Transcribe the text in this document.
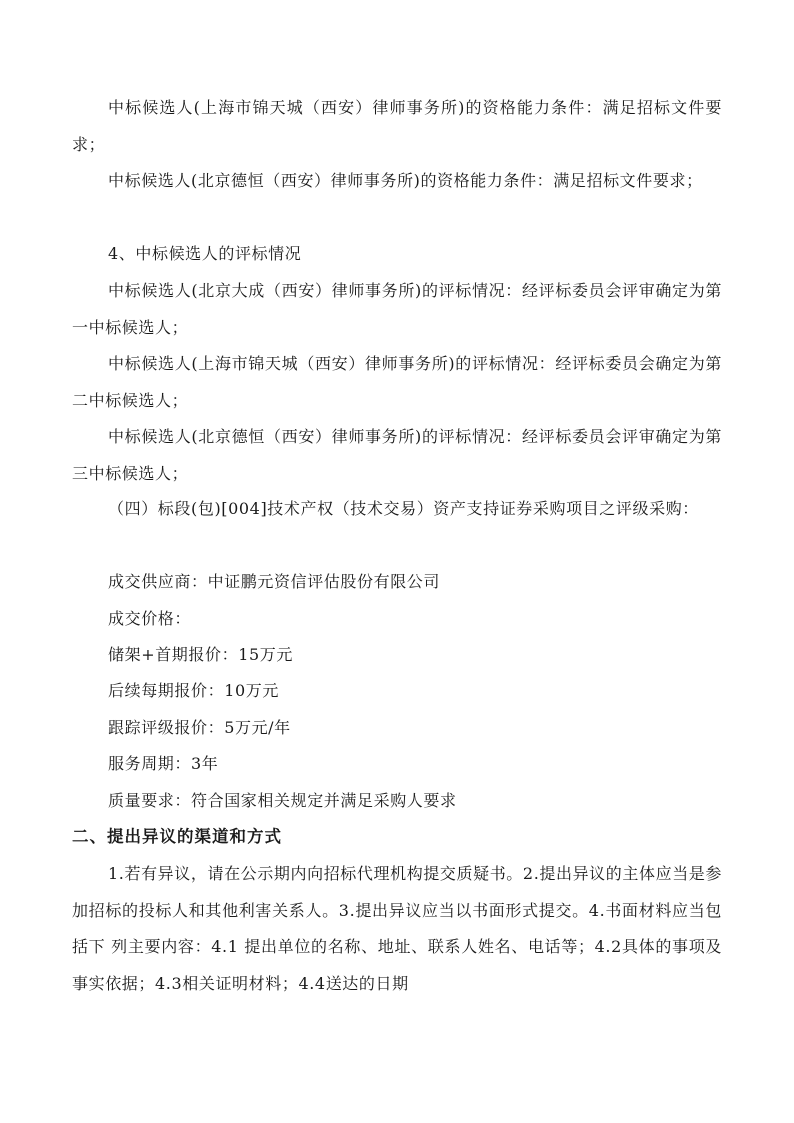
中标候选人(上海市锦天城（西安）律师事务所)的资格能力条件：满足招标文件要求；

中标候选人(北京德恒（西安）律师事务所)的资格能力条件：满足招标文件要求；

4、中标候选人的评标情况

中标候选人(北京大成（西安）律师事务所)的评标情况：经评标委员会评审确定为第一中标候选人；

中标候选人(上海市锦天城（西安）律师事务所)的评标情况：经评标委员会确定为第二中标候选人；

中标候选人(北京德恒（西安）律师事务所)的评标情况：经评标委员会评审确定为第三中标候选人；

（四）标段(包)[004]技术产权（技术交易）资产支持证券采购项目之评级采购：

成交供应商：中证鹏元资信评估股份有限公司
成交价格：
储架+首期报价：15万元
后续每期报价：10万元
跟踪评级报价：5万元/年
服务周期：3年
质量要求：符合国家相关规定并满足采购人要求
二、提出异议的渠道和方式

1.若有异议，请在公示期内向招标代理机构提交质疑书。2.提出异议的主体应当是参加招标的投标人和其他利害关系人。3.提出异议应当以书面形式提交。4.书面材料应当包括下 列主要内容：4.1 提出单位的名称、地址、联系人姓名、电话等；4.2具体的事项及事实依据；4.3相关证明材料；4.4送达的日期
